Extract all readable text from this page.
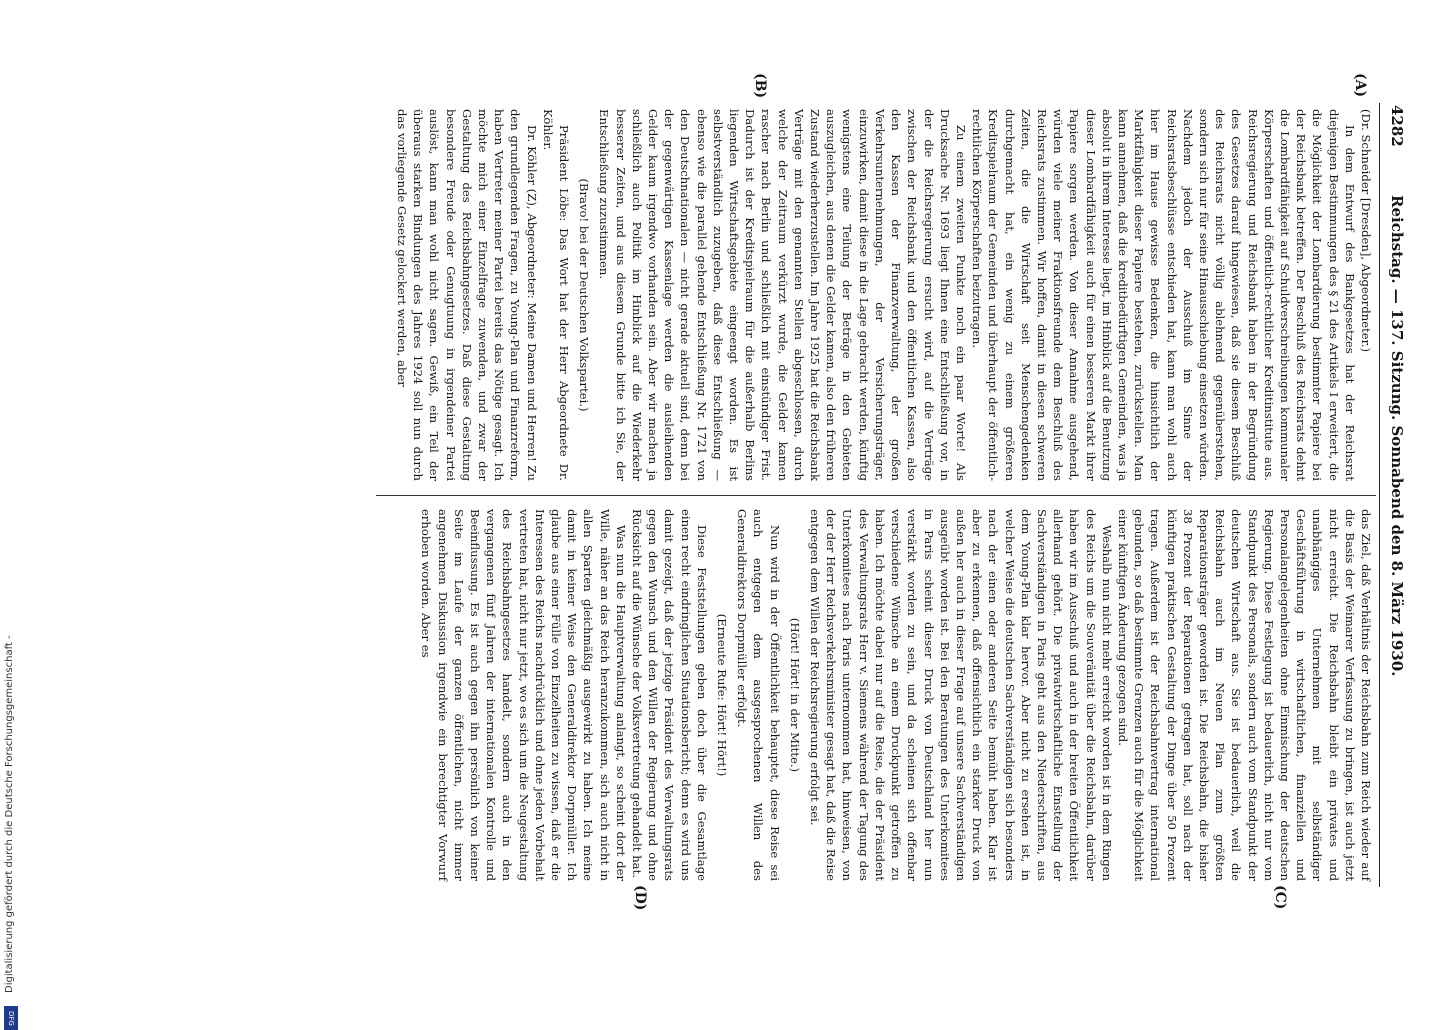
4282
Reichstag. — 137. Sitzung. Sonnabend den 8. März 1930.
(A)
(B)
(C)
(D)

(Dr. Schneider [Dresden], Abgeordneter.)

In dem Entwurf des Bankgesetzes hat der Reichsrat diejenigen Bestimmungen des § 21 des Artikels I erweitert, die die Möglichkeit der Lombardierung bestimmter Papiere bei der Reichsbank betreffen. Der Beschluß des Reichsrats dehnt die Lombardfähigkeit auf Schuldverschreibungen kommunaler Körperschaften und öffentlich-rechtlicher Kreditinstitute aus. Reichsregierung und Reichsbank haben in der Begründung des Gesetzes darauf hingewiesen, daß sie diesem Beschluß des Reichsrats nicht völlig ablehnend gegenüberstehen, sondern sich nur für seine Hinausschiebung einsetzen würden. Nachdem jedoch der Ausschuß im Sinne der Reichsratsbeschlüsse entschieden hat, kann man wohl auch hier im Hause gewisse Bedenken, die hinsichtlich der Marktfähigkeit dieser Papiere bestehen, zurückstellen. Man kann annehmen, daß die kreditbedürftigen Gemeinden, was ja absolut in ihrem Interesse liegt, im Hinblick auf die Benutzung dieser Lombardfähigkeit auch für einen besseren Markt ihrer Papiere sorgen werden. Von dieser Annahme ausgehend, würden viele meiner Fraktionsfreunde dem Beschluß des Reichsrats zustimmen. Wir hoffen, damit in diesen schweren Zeiten, die die Wirtschaft seit Menschengedenken durchgemacht hat, ein wenig zu einem größeren Kreditspielraum der Gemeinden und überhaupt der öffentlich-rechtlichen Körperschaften beizutragen.

Zu einem zweiten Punkte noch ein paar Worte! Als Drucksache Nr. 1693 liegt Ihnen eine Entschließung vor, in der die Reichsregierung ersucht wird, auf die Verträge zwischen der Reichsbank und den öffentlichen Kassen, also den Kassen der Finanzverwaltung, der großen Verkehrsunternehmungen, der Versicherungsträger, einzuwirken, damit diese in die Lage gebracht werden, künftig wenigstens eine Teilung der Beträge in den Gebieten auszugleichen, aus denen die Gelder kamen, also den früheren Zustand wiederherzustellen. Im Jahre 1925 hat die Reichsbank Verträge mit den genannten Stellen abgeschlossen, durch welche der Zeitraum verkürzt wurde, die Gelder kamen rascher nach Berlin und schließlich mit einstündiger Frist. Dadurch ist der Kreditspielraum für die außerhalb Berlins liegenden Wirtschaftsgebiete eingeengt worden. Es ist selbstverständlich zuzugeben, daß diese Entschließung — ebenso wie die parallel gehende Entschließung Nr. 1721 von den Deutschnationalen — nicht gerade aktuell sind, denn bei der gegenwärtigen Kassenlage werden die ausleihenden Gelder kaum irgendwo vorhanden sein. Aber wir machen ja schließlich auch Politik im Hinblick auf die Wiederkehr besserer Zeiten, und aus diesem Grunde bitte ich Sie, der Entschließung zuzustimmen.

(Bravo! bei der Deutschen Volkspartei.)

Präsident Löbe: Das Wort hat der Herr Abgeordnete Dr. Köhler.

Dr. Köhler (Z), Abgeordneter: Meine Damen und Herren! Zu den grundlegenden Fragen, zu Young-Plan und Finanzreform, haben Vertreter meiner Partei bereits das Nötige gesagt. Ich möchte mich einer Einzelfrage zuwenden, und zwar der Gestaltung des Reichsbahngesetzes. Daß diese Gestaltung besondere Freude oder Genugtuung in irgendeiner Partei auslöst, kann man wohl nicht sagen. Gewiß, ein Teil der überaus starken Bindungen des Jahres 1924 soll nun durch das vorliegende Gesetz gelockert werden, aber

das Ziel, daß Verhältnis der Reichsbahn zum Reich wieder auf die Basis der Weimarer Verfassung zu bringen, ist auch jetzt nicht erreicht. Die Reichsbahn bleibt ein privates und unabhängiges Unternehmen mit selbständiger Geschäftsführung in wirtschaftlichen, finanziellen und Personalangelegenheiten ohne Einmischung der deutschen Regierung. Diese Festlegung ist bedauerlich, nicht nur vom Standpunkt des Personals, sondern auch vom Standpunkt der deutschen Wirtschaft aus. Sie ist bedauerlich, weil die Reichsbahn auch im Neuen Plan zum größten Reparationsträger geworden ist. Die Reichsbahn, die bisher 38 Prozent der Reparationen getragen hat, soll nach der künftigen praktischen Gestaltung der Dinge über 50 Prozent tragen. Außerdem ist der Reichsbahnvertrag international gebunden, so daß bestimmte Grenzen auch für die Möglichkeit einer künftigen Änderung gezogen sind.

Weshalb nun nicht mehr erreicht worden ist in dem Ringen des Reichs um die Souveränität über die Reichsbahn, darüber haben wir im Ausschuß und auch in der breiten Öffentlichkeit allerhand gehört. Die privatwirtschaftliche Einstellung der Sachverständigen in Paris geht aus den Niederschriften, aus dem Young-Plan klar hervor. Aber nicht zu ersehen ist, in welcher Weise die deutschen Sachverständigen sich besonders nach der einen oder anderen Seite bemüht haben. Klar ist aber zu erkennen, daß offensichtlich ein starker Druck von außen her auch in dieser Frage auf unsere Sachverständigen ausgeübt worden ist. Bei den Beratungen des Unterkomitees in Paris scheint dieser Druck von Deutschland her nun verstärkt worden zu sein, und da scheinen sich offenbar verschiedene Wünsche an einem Druckpunkt getroffen zu haben. Ich möchte dabei nur auf die Reise, die der Präsident des Verwaltungsrats Herr v. Siemens während der Tagung des Unterkomitees nach Paris unternommen hat, hinweisen, von der der Herr Reichsverkehrsminister gesagt hat, daß die Reise entgegen dem Willen der Reichsregierung erfolgt sei.

(Hört! Hört! in der Mitte.)

Nun wird in der Öffentlichkeit behauptet, diese Reise sei auch entgegen dem ausgesprochenen Willen des Generaldirektors Dorpmüller erfolgt.

(Erneute Rufe: Hört! Hört!)

Diese Feststellungen geben doch über die Gesamtlage einen recht eindringlichen Situationsbericht; denn es wird uns damit gezeigt, daß der jetzige Präsident des Verwaltungsrats gegen den Wunsch und den Willen der Regierung und ohne Rücksicht auf die Wünsche der Volksvertretung gehandelt hat.

Was nun die Hauptverwaltung anlangt, so scheint dort der Wille, näher an das Reich heranzukommen, sich auch nicht in allen Sparten gleichmäßig ausgewirkt zu haben. Ich meine damit in keiner Weise den Generaldirektor Dorpmüller. Ich glaube aus einer Fülle von Einzelheiten zu wissen, daß er die Interessen des Reichs nachdrücklich und ohne jeden Vorbehalt vertreten hat, nicht nur jetzt, wo es sich um die Neugestaltung des Reichsbahngesetzes handelt, sondern auch in den vergangenen fünf Jahren der internationalen Kontrolle und Beeinflussung. Es ist auch gegen ihn persönlich von keiner Seite im Laufe der ganzen öffentlichen, nicht immer angenehmen Diskussion irgendwie ein berechtigter Vorwurf erhoben worden. Aber es

Digitalisierung gefördert durch die Deutsche Forschungsgemeinschaft -
DFG
